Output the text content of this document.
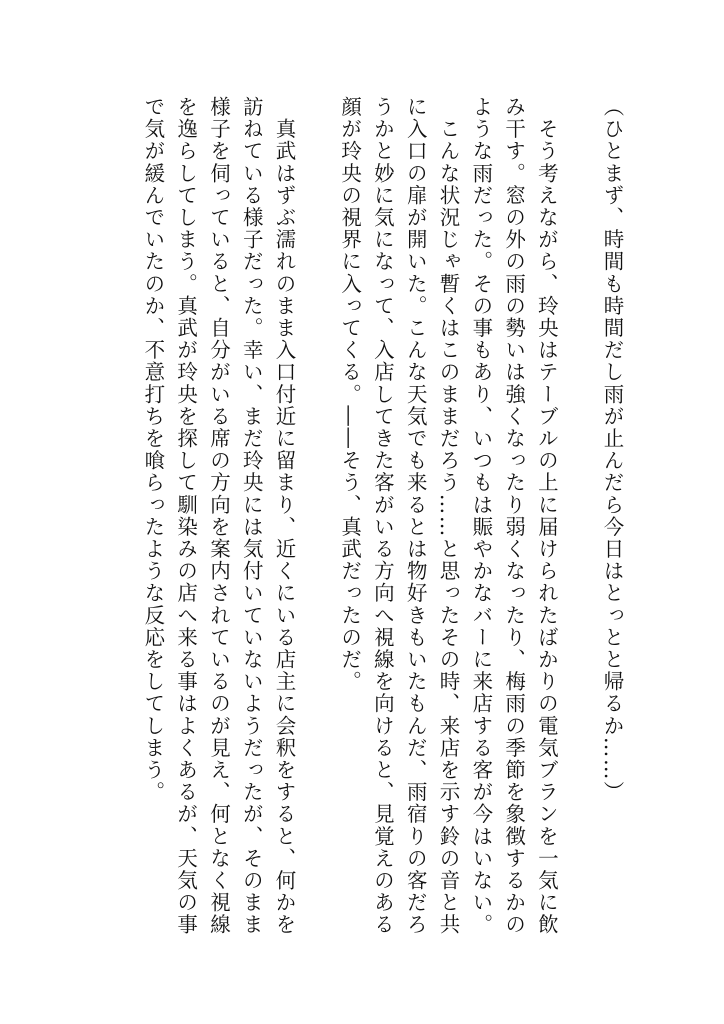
（ひとまず、時間も時間だし雨が止んだら今日はとっとと帰るか……）

　そう考えながら、玲央はテーブルの上に届けられたばかりの電気ブランを一気に飲み干す。窓の外の雨の勢いは強くなったり弱くなったり、梅雨の季節を象徴するかのような雨だった。その事もあり、いつもは賑やかなバーに来店する客が今はいない。

　こんな状況じゃ暫くはこのままだろう……と思ったその時、来店を示す鈴の音と共に入口の扉が開いた。こんな天気でも来るとは物好きもいたもんだ、雨宿りの客だろうかと妙に気になって、入店してきた客がいる方向へ視線を向けると、見覚えのある顔が玲央の視界に入ってくる。――そう、真武だったのだ。

　真武はずぶ濡れのまま入口付近に留まり、近くにいる店主に会釈をすると、何かを訪ねている様子だった。幸い、まだ玲央には気付いていないようだったが、そのまま様子を伺っていると、自分がいる席の方向を案内されているのが見え、何となく視線を逸らしてしまう。真武が玲央を探して馴染みの店へ来る事はよくあるが、天気の事で気が緩んでいたのか、不意打ちを喰らったような反応をしてしまう。
